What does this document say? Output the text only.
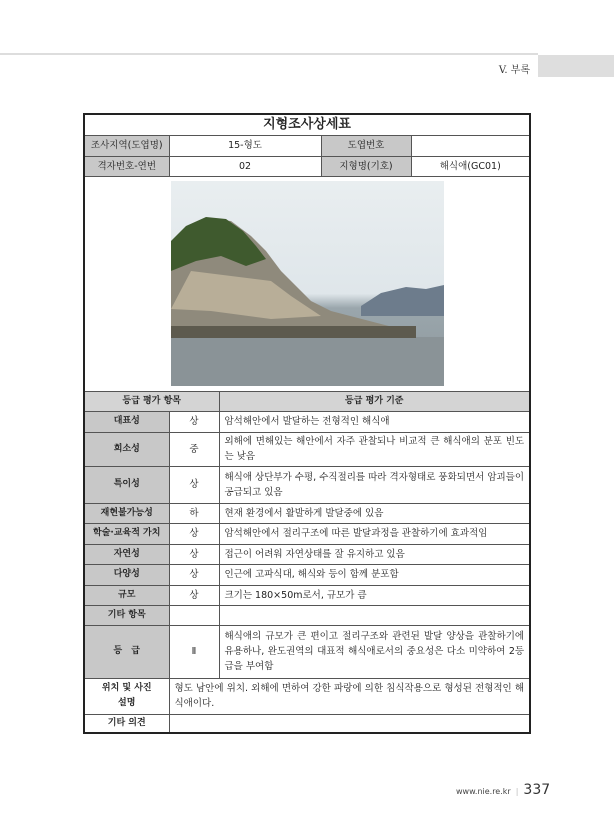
V. 부록
지형조사상세표				
조사지역(도엽명)	15-형도		도엽번호	
격자번호-연번	02		지형명(기호)	해식애(GC01)

등급 평가 항목		등급 평가 기준		
대표성	상	암석해안에서 발달하는 전형적인 해식애		
희소성	중	외해에 면해있는 해안에서 자주 관찰되나 비교적 큰 해식애의 분포 빈도는 낮음		
특이성	상	해식애 상단부가 수평, 수직절리를 따라 격자형태로 풍화되면서 암괴들이 공급되고 있음		
재현불가능성	하	현재 환경에서 활발하게 발달중에 있음		
학술·교육적 가치	상	암석해안에서 절리구조에 따른 발달과정을 관찰하기에 효과적임		
자연성	상	접근이 어려워 자연상태를 잘 유지하고 있음		
다양성	상	인근에 고파식대, 해식와 등이 함께 분포함		
규모	상	크기는 180×50m로서, 규모가 큼		
기타 항목				
등　급	Ⅱ	해식애의 규모가 큰 편이고 절리구조와 관련된 발달 양상을 관찰하기에 유용하나, 완도권역의 대표적 해식애로서의 중요성은 다소 미약하여 2등급을 부여함		
위치 및 사진 설명	형도 남안에 위치. 외해에 면하여 강한 파랑에 의한 침식작용으로 형성된 전형적인 해식애이다.			
기타 의견				
www.nie.re.kr | 337
